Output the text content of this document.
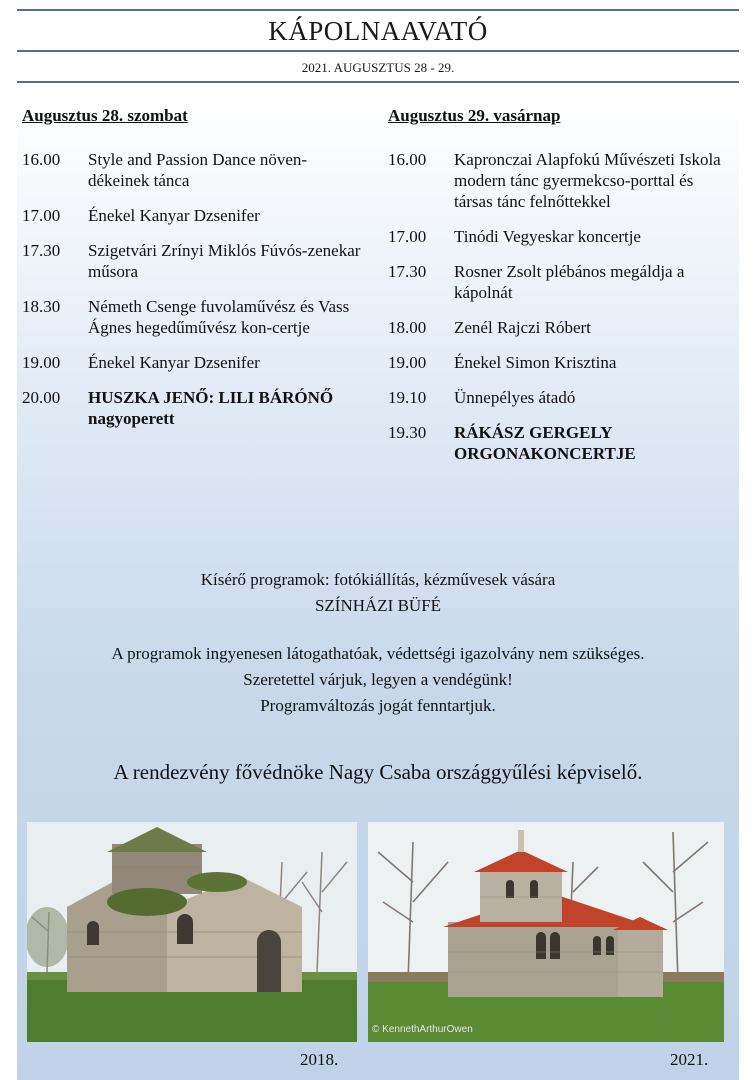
KÁPOLNAAVATÓ
2021. AUGUSZTUS 28 - 29.
Augusztus 28. szombat
16.00	Style and Passion Dance növen-dékeinek tánca
17.00	Énekel Kanyar Dzsenifer
17.30	Szigetvári Zrínyi Miklós Fúvós-zenekar műsora
18.30	Németh Csenge fuvolaművész és Vass Ágnes hegedűművész kon-certje
19.00	Énekel Kanyar Dzsenifer
20.00	HUSZKA JENŐ: LILI BÁRÓNŐ nagyoperett
Augusztus 29. vasárnap
16.00	Kapronczai Alapfokú Művészeti Iskola modern tánc gyermekcso-porttal és társas tánc felnőttekkel
17.00	Tinódi Vegyeskar koncertje
17.30	Rosner Zsolt plébános megáldja a kápolnát
18.00	Zenél Rajczi Róbert
19.00	Énekel Simon Krisztina
19.10	Ünnepélyes átadó
19.30	RÁKÁSZ GERGELY ORGONAKONCERTJE
Kísérő programok: fotókiállítás, kézművesek vására
SZÍNHÁZI BÜFÉ
A programok ingyenesen látogathatóak, védettségi igazolvány nem szükséges.
Szeretettel várjuk, legyen a vendégünk!
Programváltozás jogát fenntartjuk.
A rendezvény fővédnöke Nagy Csaba országgyűlési képviselő.
© KennethArthurOwen
2018.	2021.
